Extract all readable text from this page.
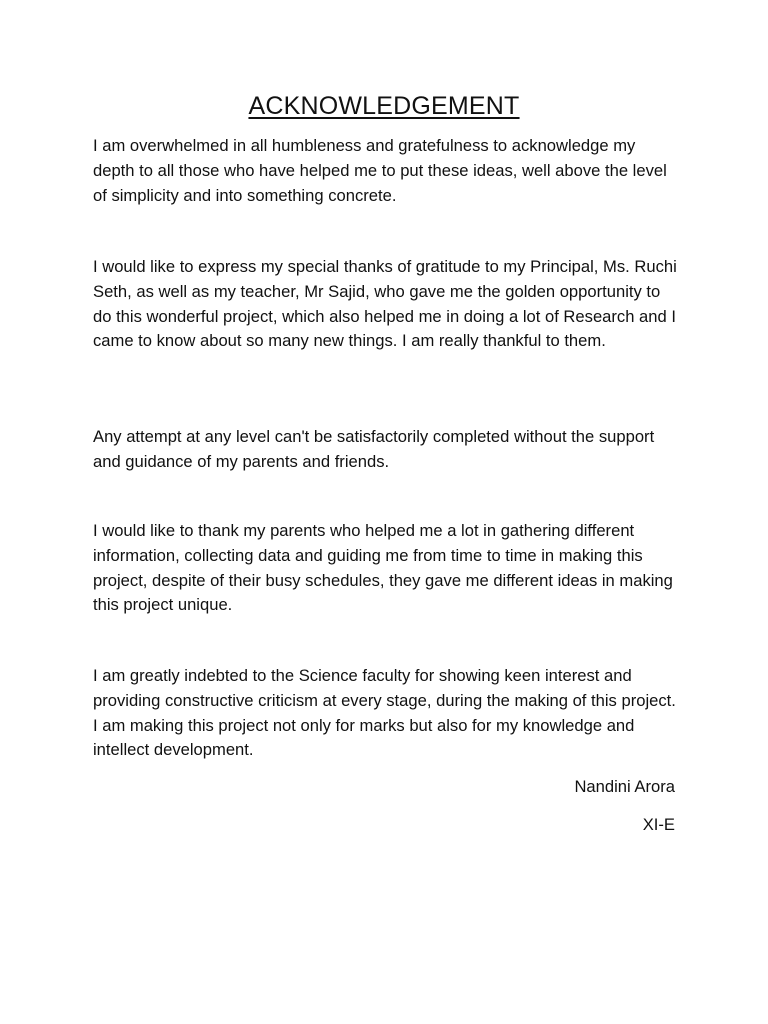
ACKNOWLEDGEMENT

I am overwhelmed in all humbleness and gratefulness to acknowledge my depth to all those who have helped me to put these ideas, well above the level of simplicity and into something concrete.

I would like to express my special thanks of gratitude to my Principal, Ms. Ruchi Seth, as well as my teacher, Mr Sajid, who gave me the golden opportunity to do this wonderful project, which also helped me in doing a lot of Research and I came to know about so many new things. I am really thankful to them.

Any attempt at any level can't be satisfactorily completed without the support and guidance of my parents and friends.

I would like to thank my parents who helped me a lot in gathering different information, collecting data and guiding me from time to time in making this project, despite of their busy schedules, they gave me different ideas in making this project unique.

I am greatly indebted to the Science faculty for showing keen interest and providing constructive criticism at every stage, during the making of this project. I am making this project not only for marks but also for my knowledge and intellect development.

Nandini Arora
XI-E
